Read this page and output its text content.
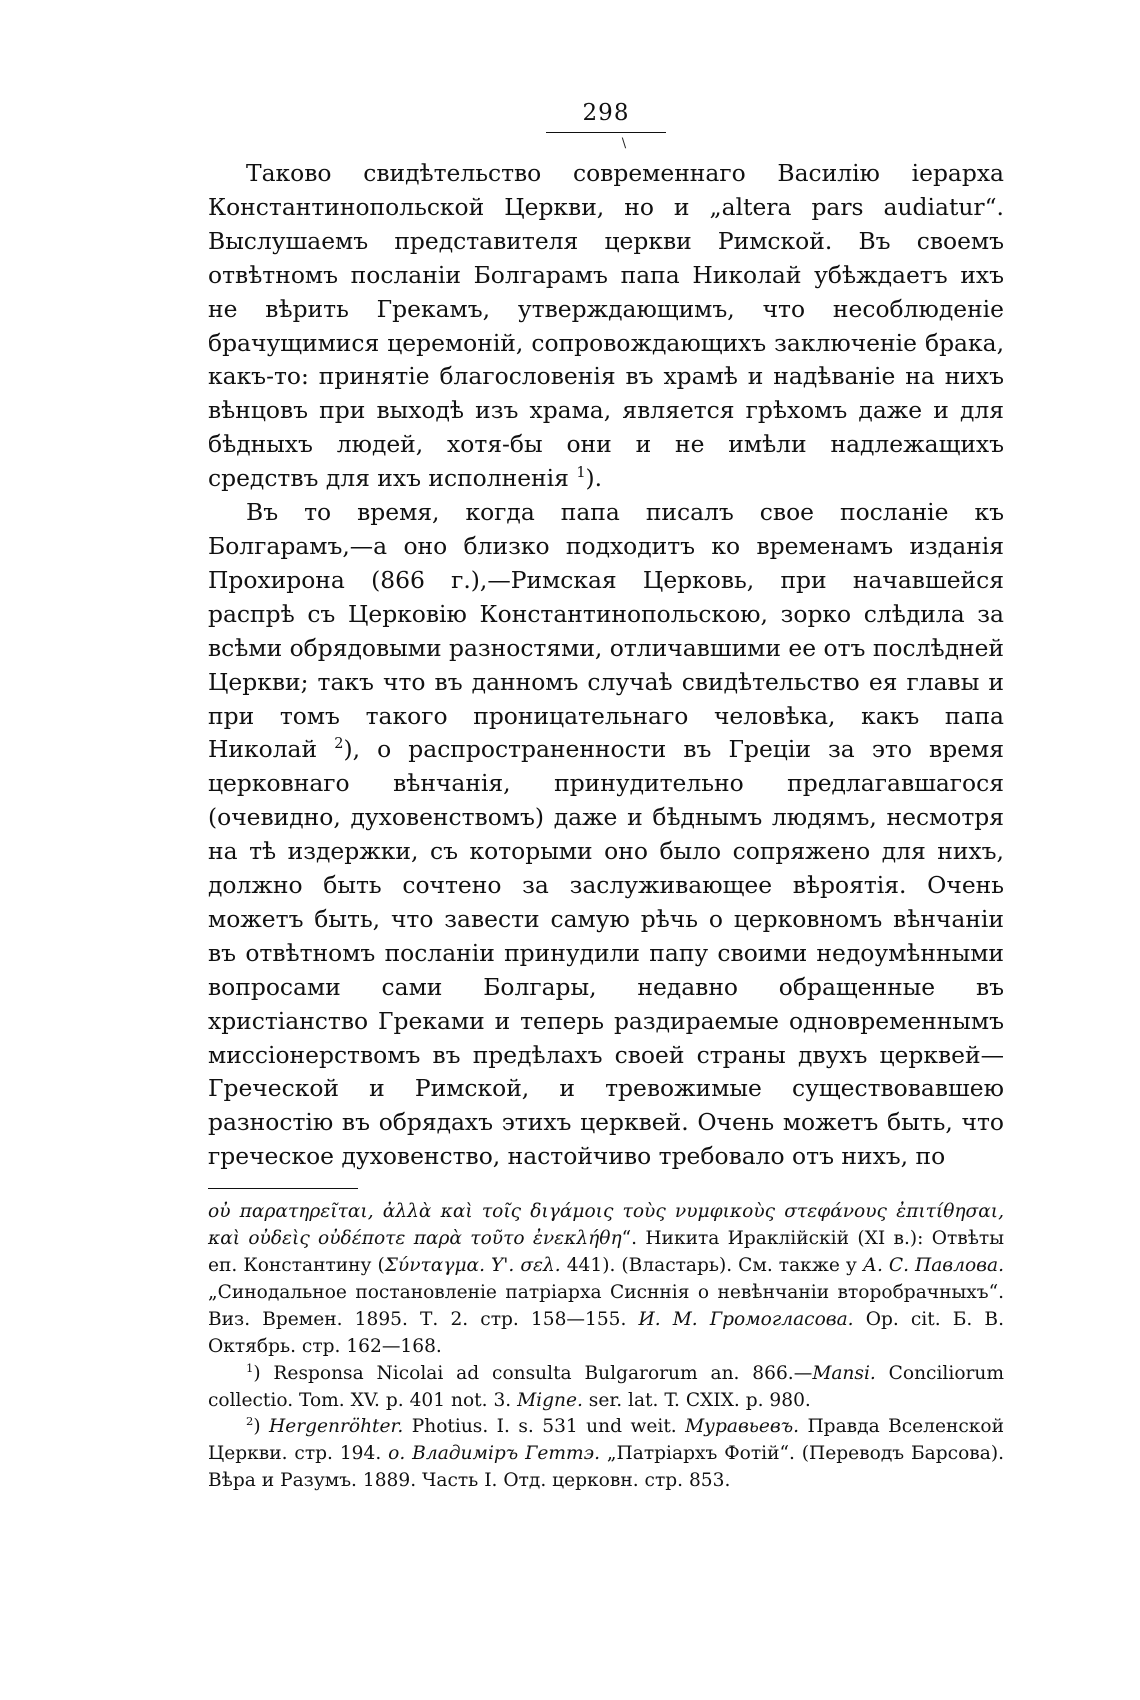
298
\

Таково свидѣтельство современнаго Василію іерарха Константинопольской Церкви, но и „altera pars audiatur“. Выслушаемъ представителя церкви Римской. Въ своемъ отвѣтномъ посланіи Болгарамъ папа Николай убѣждаетъ ихъ не вѣрить Грекамъ, утверждающимъ, что несоблюденіе брачущимися церемоній, сопровождающихъ заключеніе брака, какъ-то: принятіе благословенія въ храмѣ и надѣваніе на нихъ вѣнцовъ при выходѣ изъ храма, является грѣхомъ даже и для бѣдныхъ людей, хотя-бы они и не имѣли надлежащихъ средствъ для ихъ исполненія $^1$).

Въ то время, когда папа писалъ свое посланіе къ Болгарамъ,—а оно близко подходитъ ко временамъ изданія Прохирона (866 г.),—Римская Церковь, при начавшейся распрѣ съ Церковію Константинопольскою, зорко слѣдила за всѣми обрядовыми разностями, отличавшими ее отъ послѣдней Церкви; такъ что въ данномъ случаѣ свидѣтельство ея главы и при томъ такого проницательнаго человѣка, какъ папа Николай $^2$), о распространенности въ Греціи за это время церковнаго вѣнчанія, принудительно предлагавшагося (очевидно, духовенствомъ) даже и бѣднымъ людямъ, несмотря на тѣ издержки, съ которыми оно было сопряжено для нихъ, должно быть сочтено за заслуживающее вѣроятія. Очень можетъ быть, что завести самую рѣчь о церковномъ вѣнчаніи въ отвѣтномъ посланіи принудили папу своими недоумѣнными вопросами сами Болгары, недавно обращенные въ христіанство Греками и теперь раздираемые одновременнымъ миссіонерствомъ въ предѣлахъ своей страны двухъ церквей—Греческой и Римской, и тревожимые существовавшею разностію въ обрядахъ этихъ церквей. Очень можетъ быть, что греческое духовенство, настойчиво требовало отъ нихъ, по

οὐ παρατηρεῖται, ἀλλὰ καὶ τοῖς διγάμοις τοὺς νυμφικοὺς στεφάνους ἐπιτίθησαι, καὶ οὐδεὶς οὐδέποτε παρὰ τοῦτο ἐνεκλήθη“. Никита Ираклійскій (XI в.): Отвѣты еп. Константину (Σύνταγμα. Υ'. σελ. 441). (Властарь). См. также у А. С. Павлова. „Синодальное постановленіе патріарха Сисннія о невѣнчаніи второбрачныхъ“. Виз. Времен. 1895. Т. 2. стр. 158—155. И. М. Громогласова. Op. cit. Б. В. Октябрь. стр. 162—168.

$^1$) Responsa Nicolai ad consulta Bulgarorum an. 866.—Mansi. Conciliorum collectio. Tom. XV. p. 401 not. 3. Migne. ser. lat. T. CXIX. p. 980.

$^2$) Hergenröhter. Photius. I. s. 531 und weit. Муравьевъ. Правда Вселенской Церкви. стр. 194. о. Владиміръ Геттэ. „Патріархъ Фотій“. (Переводъ Барсова). Вѣра и Разумъ. 1889. Часть I. Отд. церковн. стр. 853.
